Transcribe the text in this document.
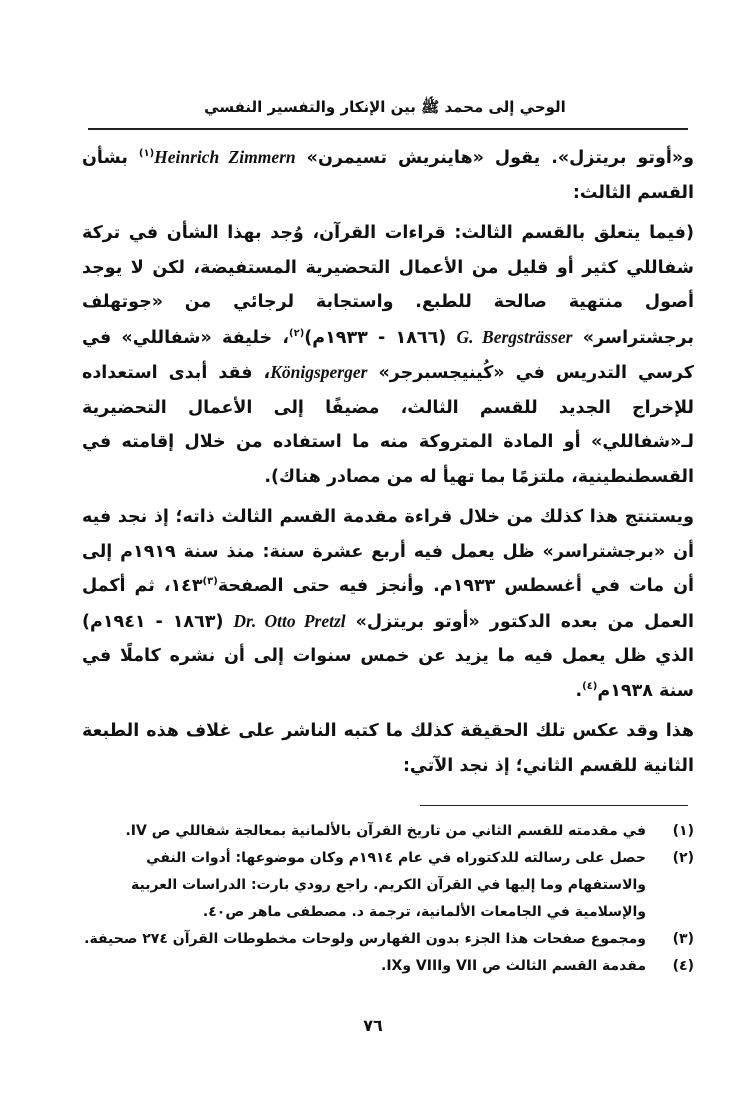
الوحي إلى محمد ﷺ بين الإنكار والتفسير النفسي

و«أوتو بريتزل». يقول «هاينريش تسيمرن» Heinrich Zimmern$^{(١)}$ بشأن القسم الثالث:

(فيما يتعلق بالقسم الثالث: قراءات القرآن، وُجد بهذا الشأن في تركة شفاللي كثير أو قليل من الأعمال التحضيرية المستفيضة، لكن لا يوجد أصول منتهية صالحة للطبع. واستجابة لرجائي من «جوتهلف برجشتراسر» G. Bergsträsser (١٨٦٦ - ١٩٣٣م)$^{(٢)}$، خليفة «شفاللي» في كرسي التدريس في «كُينيجسبرجر» Königsperger، فقد أبدى استعداده للإخراج الجديد للقسم الثالث، مضيفًا إلى الأعمال التحضيرية لـ«شفاللي» أو المادة المتروكة منه ما استفاده من خلال إقامته في القسطنطينية، ملتزمًا بما تهيأ له من مصادر هناك).

ويستنتج هذا كذلك من خلال قراءة مقدمة القسم الثالث ذاته؛ إذ نجد فيه أن «برجشتراسر» ظل يعمل فيه أربع عشرة سنة: منذ سنة ١٩١٩م إلى أن مات في أغسطس ١٩٣٣م. وأنجز فيه حتى الصفحة$^{(٣)}$١٤٣، ثم أكمل العمل من بعده الدكتور «أوتو بريتزل» Dr. Otto Pretzl (١٨٦٣ - ١٩٤١م) الذي ظل يعمل فيه ما يزيد عن خمس سنوات إلى أن نشره كاملًا في سنة ١٩٣٨م$^{(٤)}$.

هذا وقد عكس تلك الحقيقة كذلك ما كتبه الناشر على غلاف هذه الطبعة الثانية للقسم الثاني؛ إذ نجد الآتي:

(١)
في مقدمته للقسم الثاني من تاريخ القرآن بالألمانية بمعالجة شفاللي ص IV.
(٢)
حصل على رسالته للدكتوراه في عام ١٩١٤م وكان موضوعها: أدوات النفي والاستفهام وما إليها في القرآن الكريم. راجع رودي بارت: الدراسات العربية والإسلامية في الجامعات الألمانية، ترجمة د. مصطفى ماهر ص٤٠.
(٣)
ومجموع صفحات هذا الجزء بدون الفهارس ولوحات مخطوطات القرآن ٢٧٤ صحيفة.
(٤)
مقدمة القسم الثالث ص VII وVIII وIX.
٧٦
